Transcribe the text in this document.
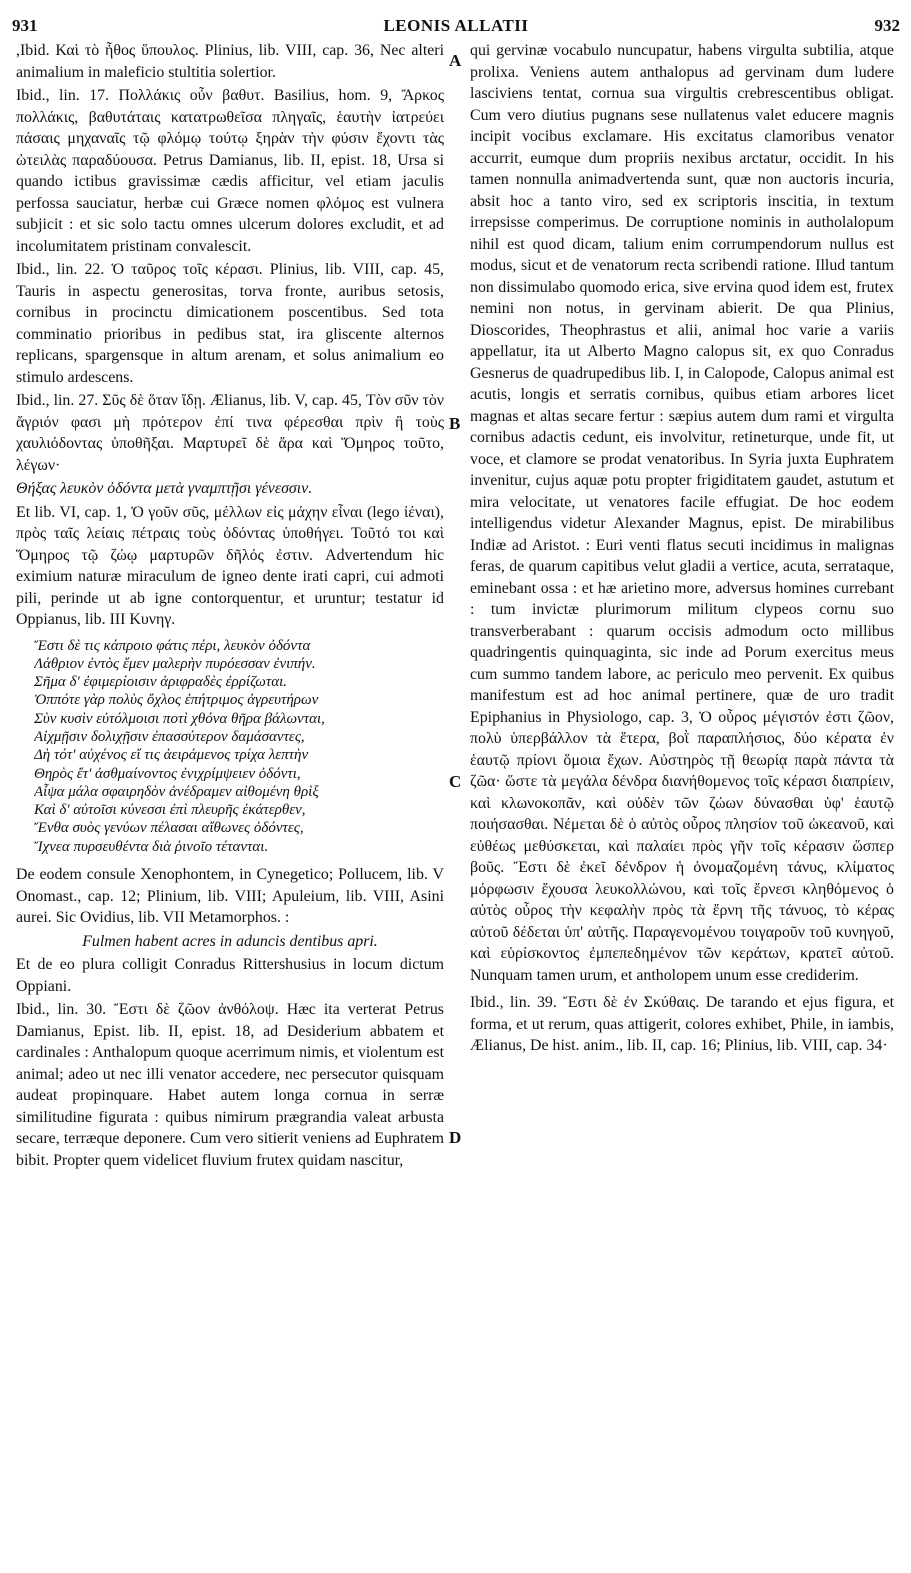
931	LEONIS ALLATII	932

,Ibid. Καὶ τὸ ἦθος ὕπουλος. Plinius, lib. VIII, cap. 36, Nec alteri animalium in maleficio stultitia solertior.

Ibid., lin. 17. Πολλάκις οὖν βαθυτ. Basilius, hom. 9, Ἄρκος πολλάκις, βαθυτάταις κατατρωθεῖσα πληγαῖς, ἑαυτὴν ἰατρεύει πάσαις μηχαναῖς τῷ φλόμῳ τούτῳ ξηρὰν τὴν φύσιν ἔχοντι τὰς ὠτειλὰς παραδύουσα. Petrus Damianus, lib. II, epist. 18, Ursa si quando ictibus gravissimæ cædis afficitur, vel etiam jaculis perfossa sauciatur, herbæ cui Græce nomen φλόμος est vulnera subjicit : et sic solo tactu omnes ulcerum dolores excludit, et ad incolumitatem pristinam convalescit.

Ibid., lin. 22. Ὁ ταῦρος τοῖς κέρασι. Plinius, lib. VIII, cap. 45, Tauris in aspectu generositas, torva fronte, auribus setosis, cornibus in procinctu dimicationem poscentibus. Sed tota comminatio prioribus in pedibus stat, ira gliscente alternos replicans, spargensque in altum arenam, et solus animalium eo stimulo ardescens.

Ibid., lin. 27. Σῦς δὲ ὅταν ἴδῃ. Ælianus, lib. V, cap. 45, Τὸν σῦν τὸν ἄγριόν φασι μὴ πρότερον ἐπί τινα φέρεσθαι πρὶν ἢ τοὺς χαυλιόδοντας ὑποθῆξαι. Μαρτυρεῖ δὲ ἄρα καὶ Ὅμηρος τοῦτο, λέγων·

Θήξας λευκὸν ὀδόντα μετὰ γναμπτῇσι γένεσσιν.

Et lib. VI, cap. 1, Ὁ γοῦν σῦς, μέλλων εἰς μάχην εἶναι (lego ἰέναι), πρὸς ταῖς λείαις πέτραις τοὺς ὀδόντας ὑποθήγει. Τοῦτό τοι καὶ Ὅμηρος τῷ ζώῳ μαρτυρῶν δῆλός ἐστιν. Advertendum hic eximium naturæ miraculum de igneo dente irati capri, cui admoti pili, perinde ut ab igne contorquentur, et uruntur; testatur id Oppianus, lib. III Κυνηγ.

Ἔστι δὲ τις κάπροιο φάτις πέρι, λευκὸν ὀδόντα
Λάθριον ἐντὸς ἔμεν μαλερὴν πυρόεσσαν ἐνιπήν.
Σῆμα δ' ἐφιμερίοισιν ἀριφραδὲς ἐρρίζωται.
Ὁππότε γὰρ πολὺς ὄχλος ἐπήτριμος ἀγρευτήρων
Σὺν κυσὶν εὐτόλμοισι ποτὶ χθόνα θῆρα βάλωνται,
Αἰχμῇσιν δολιχῇσιν ἐπασσύτερον δαμάσαντες,
Δὴ τότ' αὐχένος εἴ τις ἀειράμενος τρίχα λεπτὴν
Θηρὸς ἔτ' ἀσθμαίνοντος ἐνιχρίμψειεν ὀδόντι,
Αἶψα μάλα σφαιρηδὸν ἀνέδραμεν αἰθομένη θρὶξ
Καὶ δ' αὐτοῖσι κύνεσσι ἐπὶ πλευρῆς ἑκάτερθεν,
Ἔνθα συὸς γενύων πέλασαι αἴθωνες ὀδόντες,
Ἴχνεα πυρσευθέντα διὰ ῥινοῖο τέτανται.

De eodem consule Xenophontem, in Cynegetico; Pollucem, lib. V Onomast., cap. 12; Plinium, lib. VIII; Apuleium, lib. VIII, Asini aurei. Sic Ovidius, lib. VII Metamorphos. :

Fulmen habent acres in aduncis dentibus apri.

Et de eo plura colligit Conradus Rittershusius in locum dictum Oppiani.

Ibid., lin. 30. Ἔστι δὲ ζῶον ἀνθόλοψ. Hæc ita verterat Petrus Damianus, Epist. lib. II, epist. 18, ad Desiderium abbatem et cardinales : Anthalopum quoque acerrimum nimis, et violentum est animal; adeo ut nec illi venator accedere, nec persecutor quisquam audeat propinquare. Habet autem longa cornua in serræ similitudine figurata : quibus nimirum prægrandia valeat arbusta secare, terræque deponere. Cum vero sitierit veniens ad Euphratem bibit. Propter quem videlicet fluvium frutex quidam nascitur,

A
B
C
D

qui gervinæ vocabulo nuncupatur, habens virgulta subtilia, atque prolixa. Veniens autem anthalopus ad gervinam dum ludere lasciviens tentat, cornua sua virgultis crebrescentibus obligat. Cum vero diutius pugnans sese nullatenus valet educere magnis incipit vocibus exclamare. His excitatus clamoribus venator accurrit, eumque dum propriis nexibus arctatur, occidit. In his tamen nonnulla animadvertenda sunt, quæ non auctoris incuria, absit hoc a tanto viro, sed ex scriptoris inscitia, in textum irrepsisse comperimus. De corruptione nominis in autholalopum nihil est quod dicam, talium enim corrumpendorum nullus est modus, sicut et de venatorum recta scribendi ratione. Illud tantum non dissimulabo quomodo erica, sive ervina quod idem est, frutex nemini non notus, in gervinam abierit. De qua Plinius, Dioscorides, Theophrastus et alii, animal hoc varie a variis appellatur, ita ut Alberto Magno calopus sit, ex quo Conradus Gesnerus de quadrupedibus lib. I, in Calopode, Calopus animal est acutis, longis et serratis cornibus, quibus etiam arbores licet magnas et altas secare fertur : sæpius autem dum rami et virgulta cornibus adactis cedunt, eis involvitur, retineturque, unde fit, ut voce, et clamore se prodat venatoribus. In Syria juxta Euphratem invenitur, cujus aquæ potu propter frigiditatem gaudet, astutum et mira velocitate, ut venatores facile effugiat. De hoc eodem intelligendus videtur Alexander Magnus, epist. De mirabilibus Indiæ ad Aristot. : Euri venti flatus secuti incidimus in malignas feras, de quarum capitibus velut gladii a vertice, acuta, serrataque, eminebant ossa : et hæ arietino more, adversus homines currebant : tum invictæ plurimorum militum clypeos cornu suo transverberabant : quarum occisis admodum octo millibus quadringentis quinquaginta, sic inde ad Porum exercitus meus cum summo tandem labore, ac periculo meo pervenit. Ex quibus manifestum est ad hoc animal pertinere, quæ de uro tradit Epiphanius in Physiologo, cap. 3, Ὁ οὖρος μέγιστόν ἐστι ζῶον, πολὺ ὑπερβάλλον τὰ ἕτερα, βοῒ παραπλήσιος, δύο κέρατα ἐν ἑαυτῷ πρίονι ὅμοια ἔχων. Αὐστηρὸς τῇ θεωρίᾳ παρὰ πάντα τὰ ζῶα· ὥστε τὰ μεγάλα δένδρα διανήθομενος τοῖς κέρασι διαπρίειν, καὶ κλωνοκοπᾶν, καὶ οὐδὲν τῶν ζώων δύνασθαι ὑφ' ἑαυτῷ ποιήσασθαι. Νέμεται δὲ ὁ αὐτὸς οὖρος πλησίον τοῦ ὠκεανοῦ, καὶ εὐθέως μεθύσκεται, καὶ παλαίει πρὸς γῆν τοῖς κέρασιν ὥσπερ βοῦς. Ἔστι δὲ ἐκεῖ δένδρον ἡ ὀνομαζομένη τάνυς, κλίματος μόρφωσιν ἔχουσα λευκολλώνου, καὶ τοῖς ἔρνεσι κληθόμενος ὁ αὐτὸς οὖρος τὴν κεφαλὴν πρὸς τὰ ἔρνη τῆς τάνυος, τὸ κέρας αὐτοῦ δέδεται ὑπ' αὐτῆς. Παραγενομένου τοιγαροῦν τοῦ κυνηγοῦ, καὶ εὑρίσκοντος ἐμπεπεδημένον τῶν κεράτων, κρατεῖ αὐτοῦ. Nunquam tamen urum, et antholopem unum esse crediderim.

Ibid., lin. 39. Ἔστι δὲ ἐν Σκύθαις. De tarando et ejus figura, et forma, et ut rerum, quas attigerit, colores exhibet, Phile, in iambis, Ælianus, De hist. anim., lib. II, cap. 16; Plinius, lib. VIII, cap. 34·
